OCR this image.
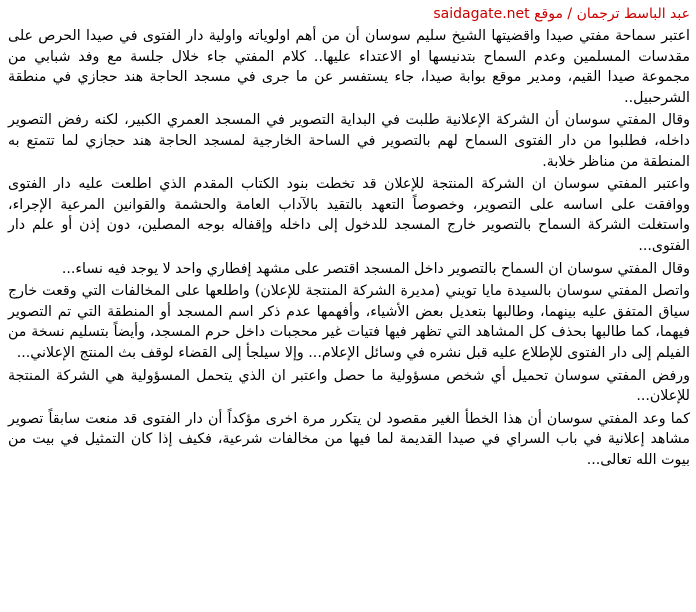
عبد الباسط ترجمان / موقع saidagate.net

اعتبر سماحة مفتي صيدا واقضيتها الشيخ سليم سوسان أن من أهم اولوياته واولية دار الفتوى في صيدا الحرص على مقدسات المسلمين وعدم السماح بتدنيسها او الاعتداء عليها.. كلام المفتي جاء خلال جلسة مع وفد شبابي من مجموعة صيدا القيم، ومدير موقع بوابة صيدا، جاء يستفسر عن ما جرى في مسجد الحاجة هند حجازي في منطقة الشرحبيل..

وقال المفتي سوسان أن الشركة الإعلانية طلبت في البداية التصوير في المسجد العمري الكبير، لكنه رفض التصوير داخله، فطلبوا من دار الفتوى السماح لهم بالتصوير في الساحة الخارجية لمسجد الحاجة هند حجازي لما تتمتع به المنطقة من مناظر خلابة.

واعتبر المفتي سوسان ان الشركة المنتجة للإعلان قد تخطت بنود الكتاب المقدم الذي اطلعت عليه دار الفتوى ووافقت على اساسه على التصوير، وخصوصاً التعهد بالتقيد بالآداب العامة والحشمة والقوانين المرعية الإجراء، واستغلت الشركة السماح بالتصوير خارج المسجد للدخول إلى داخله وإقفاله بوجه المصلين، دون إذن أو علم دار الفتوى...

وقال المفتي سوسان ان السماح بالتصوير داخل المسجد اقتصر على مشهد إفطاري واحد لا يوجد فيه نساء...

واتصل المفتي سوسان بالسيدة مايا تويني (مديرة الشركة المنتجة للإعلان) واطلعها على المخالفات التي وقعت خارج سياق المتفق عليه بينهما، وطالبها بتعديل بعض الأشياء، وأفهمها عدم ذكر اسم المسجد أو المنطقة التي تم التصوير فيهما، كما طالبها بحذف كل المشاهد التي تظهر فيها فتيات غير محجبات داخل حرم المسجد، وأيضاً بتسليم نسخة من الفيلم إلى دار الفتوى للإطلاع عليه قبل نشره في وسائل الإعلام... وإلا سيلجأ إلى القضاء لوقف بث المنتج الإعلاني...

ورفض المفتي سوسان تحميل أي شخص مسؤولية ما حصل واعتبر ان الذي يتحمل المسؤولية هي الشركة المنتجة للإعلان...

كما وعد المفتي سوسان أن هذا الخطأ الغير مقصود لن يتكرر مرة اخرى مؤكداً أن دار الفتوى قد منعت سابقاً تصوير مشاهد إعلانية في باب السراي في صيدا القديمة لما فيها من مخالفات شرعية، فكيف إذا كان التمثيل في بيت من بيوت الله تعالى...
